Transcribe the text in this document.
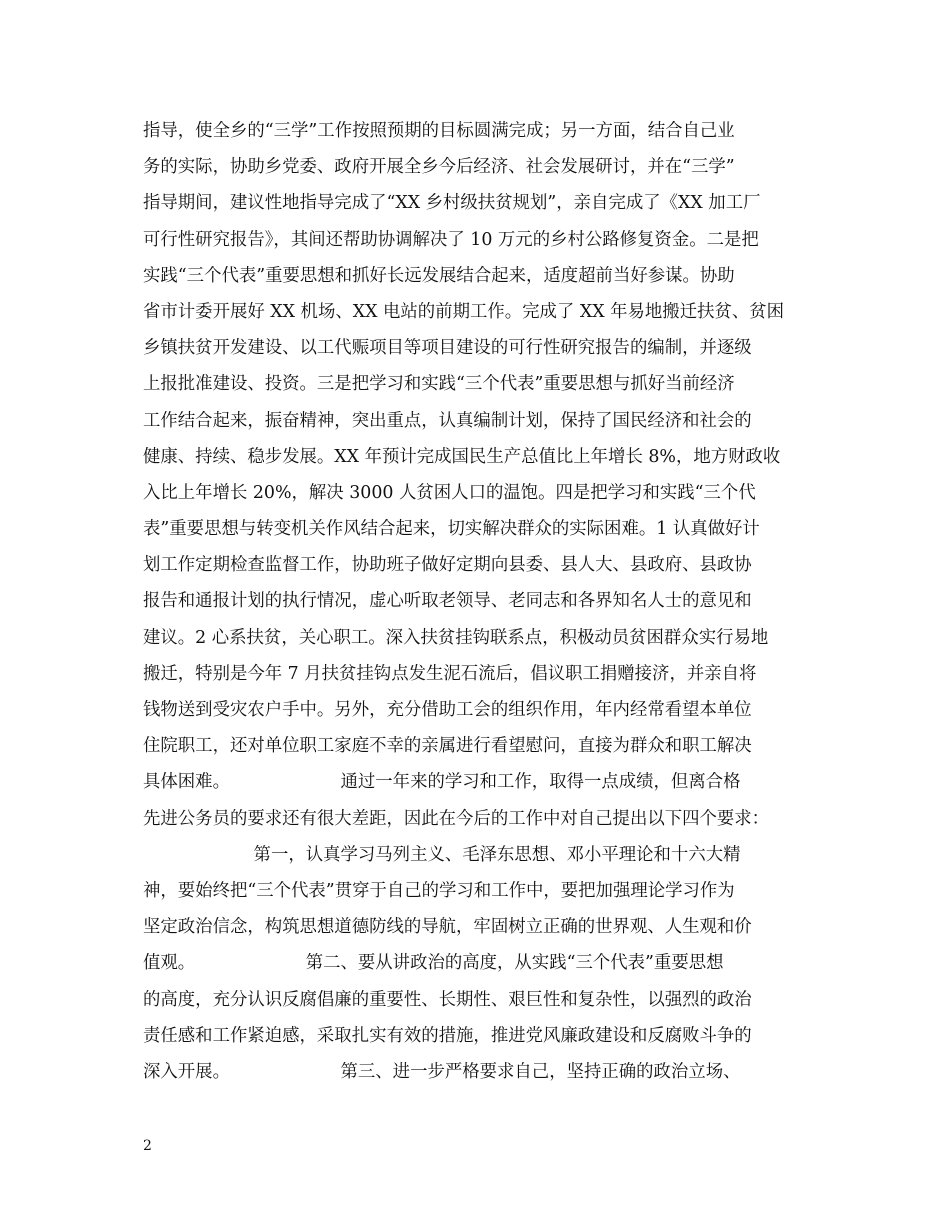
指导，使全乡的“三学”工作按照预期的目标圆满完成；另一方面，结合自己业
务的实际，协助乡党委、政府开展全乡今后经济、社会发展研讨，并在“三学”
指导期间，建议性地指导完成了“XX 乡村级扶贫规划”，亲自完成了《XX 加工厂
可行性研究报告》，其间还帮助协调解决了 10 万元的乡村公路修复资金。二是把
实践“三个代表”重要思想和抓好长远发展结合起来，适度超前当好参谋。协助
省市计委开展好 XX 机场、XX 电站的前期工作。完成了 XX 年易地搬迁扶贫、贫困
乡镇扶贫开发建设、以工代赈项目等项目建设的可行性研究报告的编制，并逐级
上报批准建设、投资。三是把学习和实践“三个代表”重要思想与抓好当前经济
工作结合起来，振奋精神，突出重点，认真编制计划，保持了国民经济和社会的
健康、持续、稳步发展。XX 年预计完成国民生产总值比上年增长 8%，地方财政收
入比上年增长 20%，解决 3000 人贫困人口的温饱。四是把学习和实践“三个代
表”重要思想与转变机关作风结合起来，切实解决群众的实际困难。1 认真做好计
划工作定期检查监督工作，协助班子做好定期向县委、县人大、县政府、县政协
报告和通报计划的执行情况，虚心听取老领导、老同志和各界知名人士的意见和
建议。2 心系扶贫，关心职工。深入扶贫挂钩联系点，积极动员贫困群众实行易地
搬迁，特别是今年 7 月扶贫挂钩点发生泥石流后，倡议职工捐赠接济，并亲自将
钱物送到受灾农户手中。另外，充分借助工会的组织作用，年内经常看望本单位
住院职工，还对单位职工家庭不幸的亲属进行看望慰问，直接为群众和职工解决
具体困难。                    通过一年来的学习和工作，取得一点成绩，但离合格
先进公务员的要求还有很大差距，因此在今后的工作中对自己提出以下四个要求：
第一，认真学习马列主义、毛泽东思想、邓小平理论和十六大精
神，要始终把“三个代表”贯穿于自己的学习和工作中，要把加强理论学习作为
坚定政治信念，构筑思想道德防线的导航，牢固树立正确的世界观、人生观和价
值观。                    第二、要从讲政治的高度，从实践“三个代表”重要思想
的高度，充分认识反腐倡廉的重要性、长期性、艰巨性和复杂性，以强烈的政治
责任感和工作紧迫感，采取扎实有效的措施，推进党风廉政建设和反腐败斗争的
深入开展。                    第三、进一步严格要求自己，坚持正确的政治立场、
2
